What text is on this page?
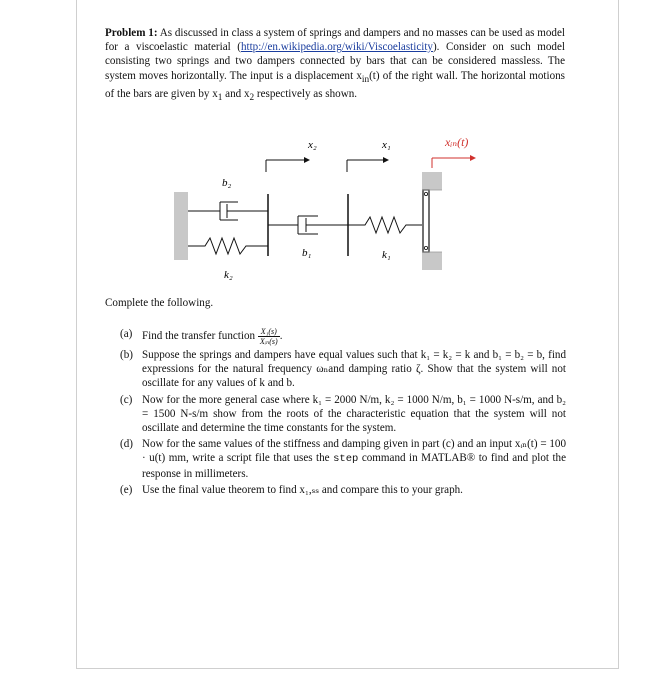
Problem 1: As discussed in class a system of springs and dampers and no masses can be used as model for a viscoelastic material (http://en.wikipedia.org/wiki/Viscoelasticity). Consider on such model consisting two springs and two dampers connected by bars that can be considered massless. The system moves horizontally. The input is a displacement $x_{in}(t)$ of the right wall. The horizontal motions of the bars are given by $x_1$ and $x_2$ respectively as shown.
x₂	x₁	xᵢₙ(t)
b₂
k₂
b₁	k₁
Complete the following.
(a) Find the transfer function $\frac{\text{X₁(s)}}{\text{Xᵢₙ(s)}}$ .
(b) Suppose the springs and dampers have equal values such that k₁ = k₂ = k and b₁ = b₂ = b, find expressions for the natural frequency ωₙand damping ratio ζ. Show that the system will not oscillate for any values of k and b.
(c) Now for the more general case where k₁ = 2000 N/m, k₂ = 1000 N/m, b₁ = 1000 N-s/m, and b₂ = 1500 N-s/m show from the roots of the characteristic equation that the system will not oscillate and determine the time constants for the system.
(d) Now for the same values of the stiffness and damping given in part (c) and an input xᵢₙ(t) = 100 · u(t) mm, write a script file that uses the step command in MATLAB® to find and plot the response in millimeters.
(e) Use the final value theorem to find x₁,ₛₛ and compare this to your graph.
